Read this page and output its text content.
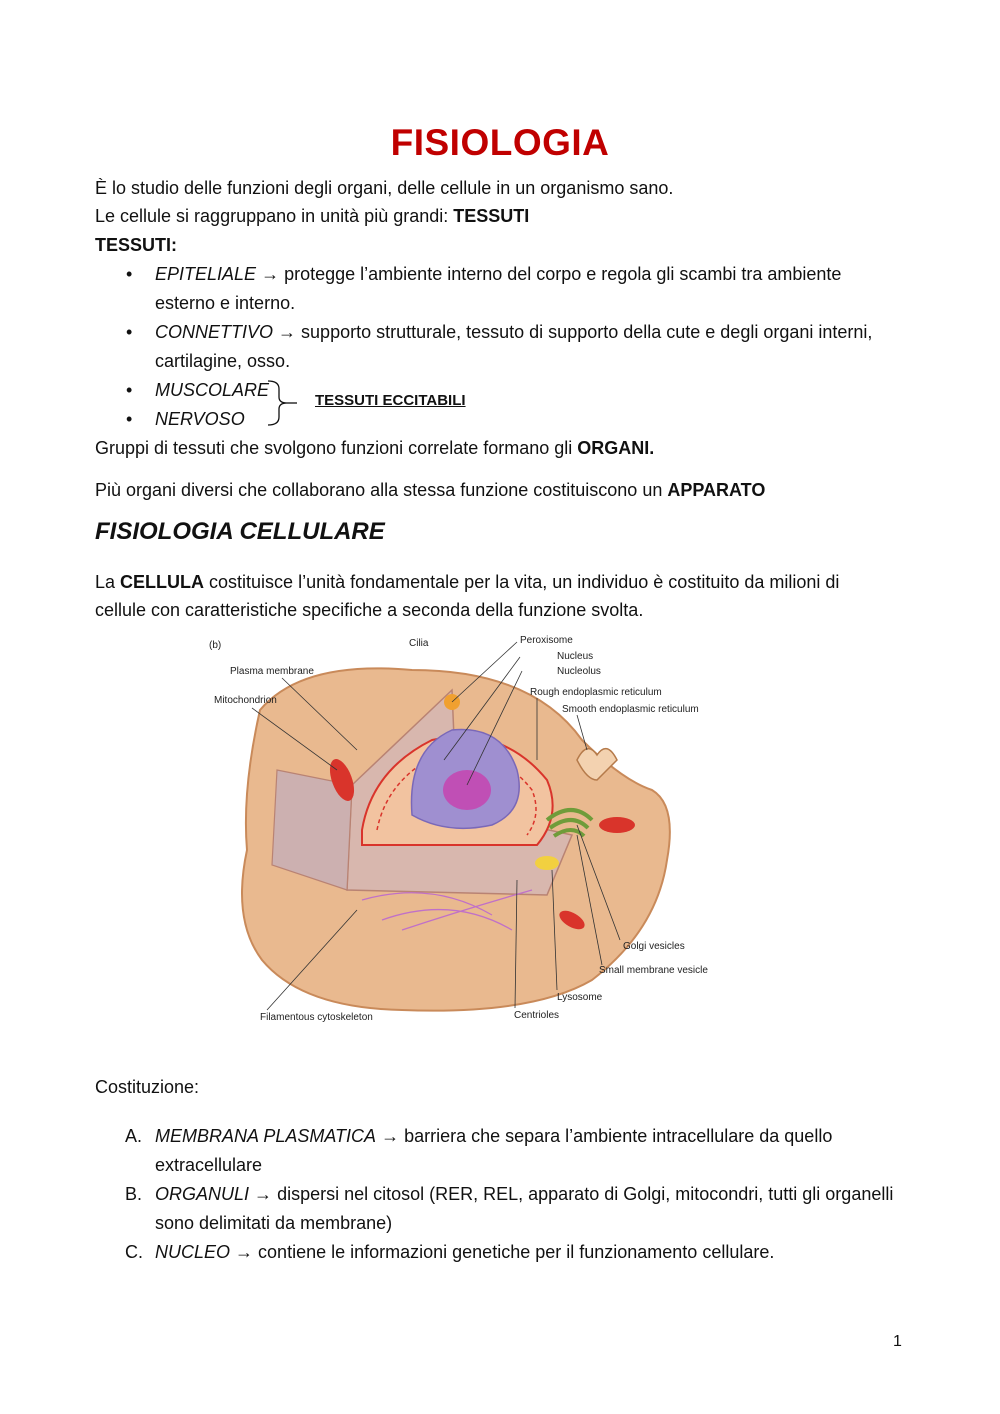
FISIOLOGIA
È lo studio delle funzioni degli organi, delle cellule in un organismo sano.
Le cellule si raggruppano in unità più grandi: TESSUTI
TESSUTI:
• EPITELIALE → protegge l’ambiente interno del corpo e regola gli scambi tra ambiente esterno e interno.
• CONNETTIVO → supporto strutturale, tessuto di supporto della cute e degli organi interni, cartilagine, osso.
• MUSCOLARE
• NERVOSO
TESSUTI ECCITABILI
Gruppi di tessuti che svolgono funzioni correlate formano gli ORGANI.
Più organi diversi che collaborano alla stessa funzione costituiscono un APPARATO
FISIOLOGIA CELLULARE
La CELLULA costituisce l’unità fondamentale per la vita, un individuo è costituito da milioni di cellule con caratteristiche specifiche a seconda della funzione svolta.
(b)	Cilia	Peroxisome
Nucleus
Nucleolus
Plasma membrane
Mitochondrion
Rough endoplasmic reticulum
Smooth endoplasmic reticulum
Golgi vesicles
Small membrane vesicle
Lysosome
Centrioles
Filamentous cytoskeleton
Costituzione:
A. MEMBRANA PLASMATICA → barriera che separa l’ambiente intracellulare da quello extracellulare
B. ORGANULI → dispersi nel citosol (RER, REL, apparato di Golgi, mitocondri, tutti gli organelli sono delimitati da membrane)
C. NUCLEO → contiene le informazioni genetiche per il funzionamento cellulare.
1
